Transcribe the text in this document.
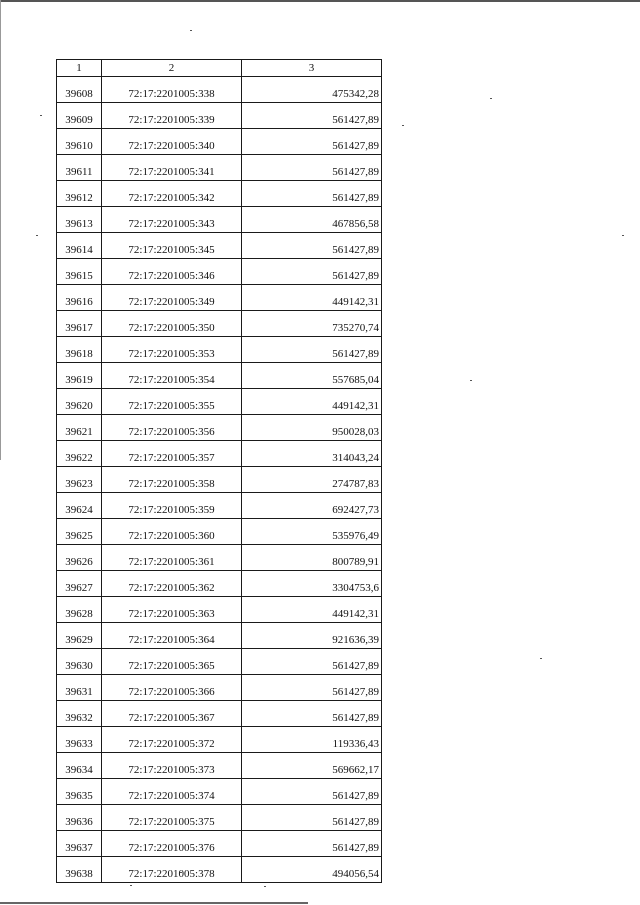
1	2	3
39608	72:17:2201005:338	475342,28
39609	72:17:2201005:339	561427,89
39610	72:17:2201005:340	561427,89
39611	72:17:2201005:341	561427,89
39612	72:17:2201005:342	561427,89
39613	72:17:2201005:343	467856,58
39614	72:17:2201005:345	561427,89
39615	72:17:2201005:346	561427,89
39616	72:17:2201005:349	449142,31
39617	72:17:2201005:350	735270,74
39618	72:17:2201005:353	561427,89
39619	72:17:2201005:354	557685,04
39620	72:17:2201005:355	449142,31
39621	72:17:2201005:356	950028,03
39622	72:17:2201005:357	314043,24
39623	72:17:2201005:358	274787,83
39624	72:17:2201005:359	692427,73
39625	72:17:2201005:360	535976,49
39626	72:17:2201005:361	800789,91
39627	72:17:2201005:362	3304753,6
39628	72:17:2201005:363	449142,31
39629	72:17:2201005:364	921636,39
39630	72:17:2201005:365	561427,89
39631	72:17:2201005:366	561427,89
39632	72:17:2201005:367	561427,89
39633	72:17:2201005:372	119336,43
39634	72:17:2201005:373	569662,17
39635	72:17:2201005:374	561427,89
39636	72:17:2201005:375	561427,89
39637	72:17:2201005:376	561427,89
39638	72:17:2201005:378	494056,54
